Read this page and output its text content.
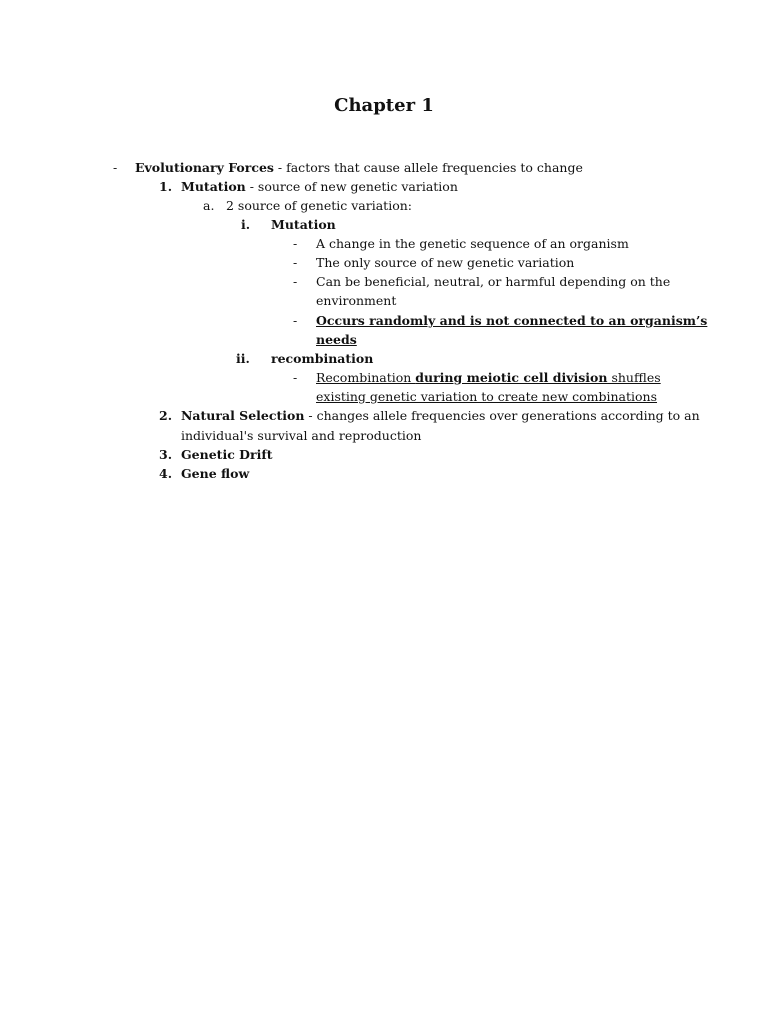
Chapter 1
- Evolutionary Forces - factors that cause allele frequencies to change
1. Mutation - source of new genetic variation
a. 2 source of genetic variation:
i. Mutation
- A change in the genetic sequence of an organism
- The only source of new genetic variation
- Can be beneficial, neutral, or harmful depending on the
environment
- Occurs randomly and is not connected to an organism’s
needs
ii. recombination
- Recombination during meiotic cell division shuffles
existing genetic variation to create new combinations
2. Natural Selection - changes allele frequencies over generations according to an
individual's survival and reproduction
3. Genetic Drift
4. Gene flow
